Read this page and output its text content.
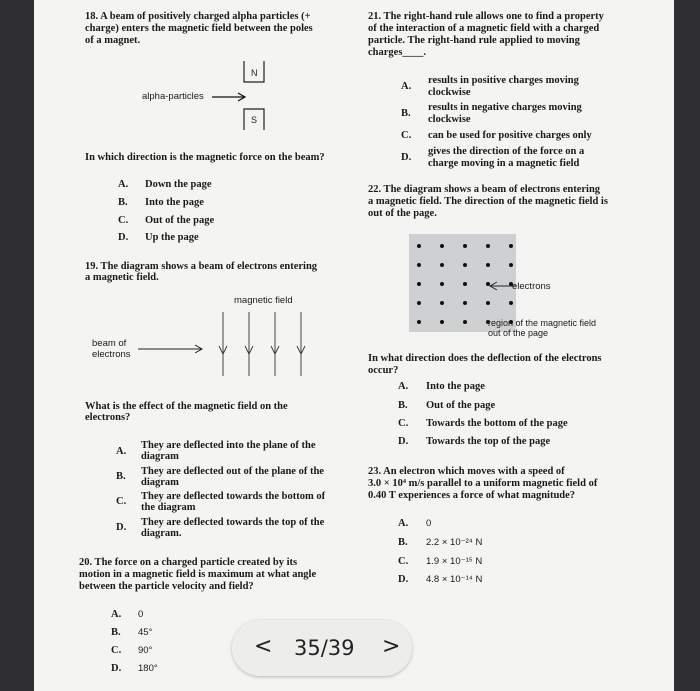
18. A beam of positively charged alpha particles (+
charge) enters the magnetic field between the poles
of a magnet.
N
S
alpha-particles
In which direction is the magnetic force on the beam?
A. Down the page
B. Into the page
C. Out of the page
D. Up the page
19. The diagram shows a beam of electrons entering
a magnetic field.
magnetic field
beam of
electrons
What is the effect of the magnetic field on the
electrons?
A.
They are deflected into the plane of the
diagram
B. They are deflected out of the plane of the
diagram
C. They are deflected towards the bottom of
the diagram
D. They are deflected towards the top of the
diagram.
20. The force on a charged particle created by its
motion in a magnetic field is maximum at what angle
between the particle velocity and field?
A. 0
B. 45°
C. 90°
D. 180°
21. The right-hand rule allows one to find a property
of the interaction of a magnetic field with a charged
particle. The right-hand rule applied to moving
charges____.
A.
results in positive charges moving
clockwise
B.
results in negative charges moving
clockwise
C. can be used for positive charges only
D.
gives the direction of the force on a
charge moving in a magnetic field
22. The diagram shows a beam of electrons entering
a magnetic field. The direction of the magnetic field is
out of the page.
electrons
region of the magnetic field
out of the page
In what direction does the deflection of the electrons
occur?
A. Into the page
B. Out of the page
C. Towards the bottom of the page
D. Towards the top of the page
23. An electron which moves with a speed of
3.0 × 10⁴ m/s parallel to a uniform magnetic field of
0.40 T experiences a force of what magnitude?
A. 0
B. 2.2 × 10⁻²⁴ N
C. 1.9 × 10⁻¹⁵ N
D. 4.8 × 10⁻¹⁴ N
< 35/39 >
